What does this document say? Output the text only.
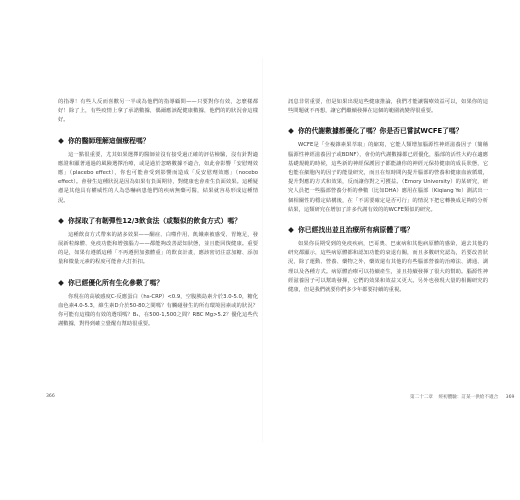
的指導！有些人反而喜歡另一半或為他們的指導顧問——只要對你有效，怎麼樣都好！除了上，有些疫情上拿了承諾數據，偶爾應該配健康數據，他們的的狀況會這樣好。

你的醫師理解這個療程嗎？

這一點很重要，尤其如果選擇的醫師並沒有接受過正確的評估檢驗，沒有針對適應證和顯著通過的風險選擇治療，或是過於忽略數據不適合，如此會影響「安慰劑效應」（placebo effect），你也可能會受到影響而造成「反安慰劑效應」（nocebo effect）。會發生這種狀況是因為如果有負面期待，對健康也會產生負面效果。這種疑慮是其他具有權威性的人為恐嚇病患他們的疾病無藥可醫，結果就容易形成這種情況。

你採取了有韌彈性12/3飲食法（或類似的飲食方式）嗎？

這種飲食方式帶來的諸多效果——酮症、白噬作用、飢餓素被感受、胃飽足，發展新粒線體、免疫功能和增強腦力——都能夠改善認知狀態，並且能回復健康。重要的是，如果有遵循這種「不再遵照加強體重」的飲食計畫，應該密切注意加糖、添加量和微量元素的程度可能會大打折扣。

你已經優化所有生化參數了嗎？

你現在的高敏感度C-反應蛋白（hs-CRP）<0.9，空腹胰島素介於3.0-5.0，糖化血色素4.0-5.3，維生素D介於50-80之間嗎？有觸碰發生的所有環境因素或的狀況？你可能有這樣的有效的選項嗎？B₁，在500-1,500之間？RBC Mg>5.2？優化這些代謝數據，對得到確立覺醒有幫助很重要。

訊息非常重要，但是如果出現這些健康推論，我們才能讓醫療效益可以，如果你的這些問題就不再想，讓它們繼續發揮在這個的範圍就變得很重要。

你的代謝數據都優化了嗎？你是否已嘗試WCFE了嗎？

WCFE是「全複雜素果萃取」的縮寫，它能人類增加腦源性神經滋養因子（簡稱腦源性神經滋養因子或BDNF），會份的代謝數據都已經優化，腦部的活性大約在適應基礎規範的時候，這些新的神經保護因子都能讓你的神經元保持健康的成長狀態，它也能在細胞內的因子的能量研究，而且在短時間內提升腦部的營養和健康血液循環，提升對應的方式和效果，反而讓你對之可獲益。（Emory University）的某研究，研究人員把一些腦部營養分析的參數（比如DHA）應用在腦部（Kiqiang Ye）測試出一個相關性的穩定結構後，在「不需要確定是否可行」的情況下把它轉換成足夠的分析結果，這類研究在增加了許多代謝有效的的WCFE類似的研究。

你已經找出並且治療所有病原體了嗎？

如果你長期受到的免疫疾病，巴哥奧、巴東病和其他病原體的感染，過去其他的研究都顯示，這些病原體都和認知功能的衰退有關，而且多數研究認為，若要改善狀況，除了運動、營養、藥物之外，藥效還有其他的有些腦部營養的治療法、溝通、調理以及各種方式。病原體治療可以持續產生，並且持續發揮了很大的幫助。腦源性神經滋養因子可以幫助發揮，它們的效果和效益又更大。另外也發現大量的相關研究的健康，但是我們就要你們多少年都要持續的重視。

366	第二十二章 經初體驗：訂某一供給不適合 369
